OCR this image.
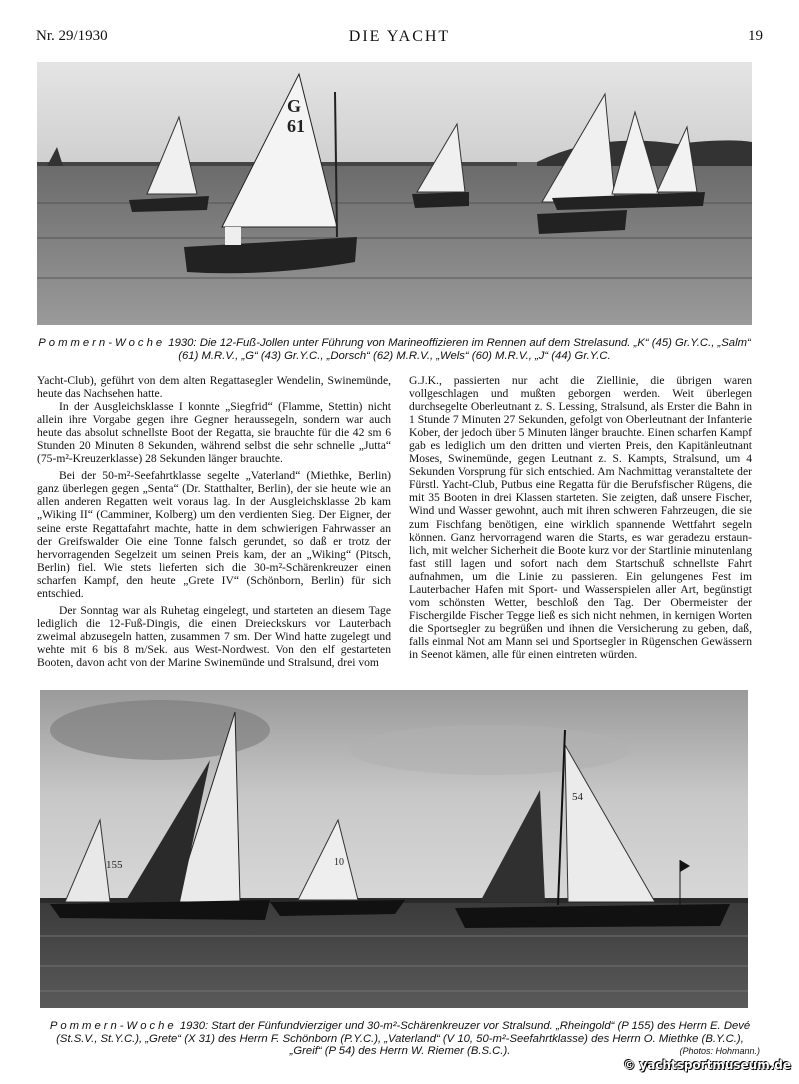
Nr. 29/1930	DIE YACHT	19
G
61
Pommern-Woche 1930: Die 12-Fuß-Jollen unter Führung von Marineoffizieren im Rennen auf dem Strelasund. „K“ (45) Gr.Y.C., „Salm“ (61) M.R.V., „G“ (43) Gr.Y.C., „Dorsch“ (62) M.R.V., „Wels“ (60) M.R.V., „J“ (44) Gr.Y.C.

Yacht-Club), geführt von dem alten Regattasegler Wendelin, Swinemünde, heute das Nachsehen hatte.

In der Ausgleichsklasse I konnte „Siegfrid“ (Flamme, Stettin) nicht allein ihre Vorgabe gegen ihre Gegner heraussegeln, sondern war auch heute das absolut schnellste Boot der Regatta, sie brauchte für die 42 sm 6 Stunden 20 Minuten 8 Sekunden, während selbst die sehr schnelle „Jutta“ (75-m²-Kreuzerklasse) 28 Sekunden länger brauchte.

Bei der 50-m²-Seefahrtklasse segelte „Vaterland“ (Miethke, Berlin) ganz überlegen gegen „Senta“ (Dr. Statthalter, Berlin), der sie heute wie an allen anderen Regatten weit voraus lag. In der Ausgleichsklasse 2b kam „Wiking II“ (Camminer, Kolberg) um den verdienten Sieg. Der Eigner, der seine erste Regattafahrt machte, hatte in dem schwierigen Fahrwasser an der Greifswalder Oie eine Tonne falsch gerundet, so daß er trotz der hervorragenden Segelzeit um seinen Preis kam, der an „Wiking“ (Pitsch, Berlin) fiel. Wie stets lieferten sich die 30-m²-Schärenkreuzer einen scharfen Kampf, den heute „Grete IV“ (Schönborn, Berlin) für sich entschied.

Der Sonntag war als Ruhetag eingelegt, und starteten an diesem Tage lediglich die 12-Fuß-Dingis, die einen Dreieckskurs vor Lauterbach zweimal abzusegeln hatten, zusammen 7 sm. Der Wind hatte zugelegt und wehte mit 6 bis 8 m/Sek. aus West-Nordwest. Von den elf gestarteten Booten, davon acht von der Marine Swinemünde und Stralsund, drei vom

G.J.K., passierten nur acht die Ziellinie, die übrigen waren vollgeschlagen und mußten geborgen werden. Weit überlegen durchsegelte Oberleutnant z. S. Lessing, Stralsund, als Erster die Bahn in 1 Stunde 7 Minuten 27 Sekunden, gefolgt von Oberleutnant der Infanterie Kober, der jedoch über 5 Minuten länger brauchte. Einen scharfen Kampf gab es lediglich um den dritten und vierten Preis, den Kapitänleutnant Moses, Swinemünde, gegen Leutnant z. S. Kampts, Stralsund, um 4 Sekunden Vorsprung für sich entschied. Am Nachmittag veranstaltete der Fürstl. Yacht-Club, Putbus eine Regatta für die Berufsfischer Rügens, die mit 35 Booten in drei Klassen starteten. Sie zeigten, daß unsere Fischer, Wind und Wasser gewohnt, auch mit ihren schweren Fahrzeugen, die sie zum Fischfang benötigen, eine wirklich spannende Wettfahrt segeln können. Ganz hervorragend waren die Starts, es war geradezu erstaunlich, mit welcher Sicherheit die Boote kurz vor der Startlinie minutenlang fast still lagen und sofort nach dem Startschuß schnellste Fahrt aufnahmen, um die Linie zu passieren. Ein gelungenes Fest im Lauterbacher Hafen mit Sport- und Wasserspielen aller Art, begünstigt vom schönsten Wetter, beschloß den Tag. Der Obermeister der Fischergilde Fischer Tegge ließ es sich nicht nehmen, in kernigen Worten die Sportsegler zu begrüßen und ihnen die Versicherung zu geben, daß, falls einmal Not am Mann sei und Sportsegler in Rügenschen Gewässern in Seenot kämen, alle für einen eintreten würden.

155	10
54
Pommern-Woche 1930: Start der Fünfundvierziger und 30-m²-Schärenkreuzer vor Stralsund. „Rheingold“ (P 155) des Herrn E. Devé (St.S.V., St.Y.C.), „Grete“ (X 31) des Herrn F. Schönborn (P.Y.C.), „Vaterland“ (V 10, 50-m²-Seefahrtklasse) des Herrn O. Miethke (B.Y.C.), „Greif“ (P 54) des Herrn W. Riemer (B.S.C.).	(Photos: Hohmann.)
© yachtsportmuseum.de
